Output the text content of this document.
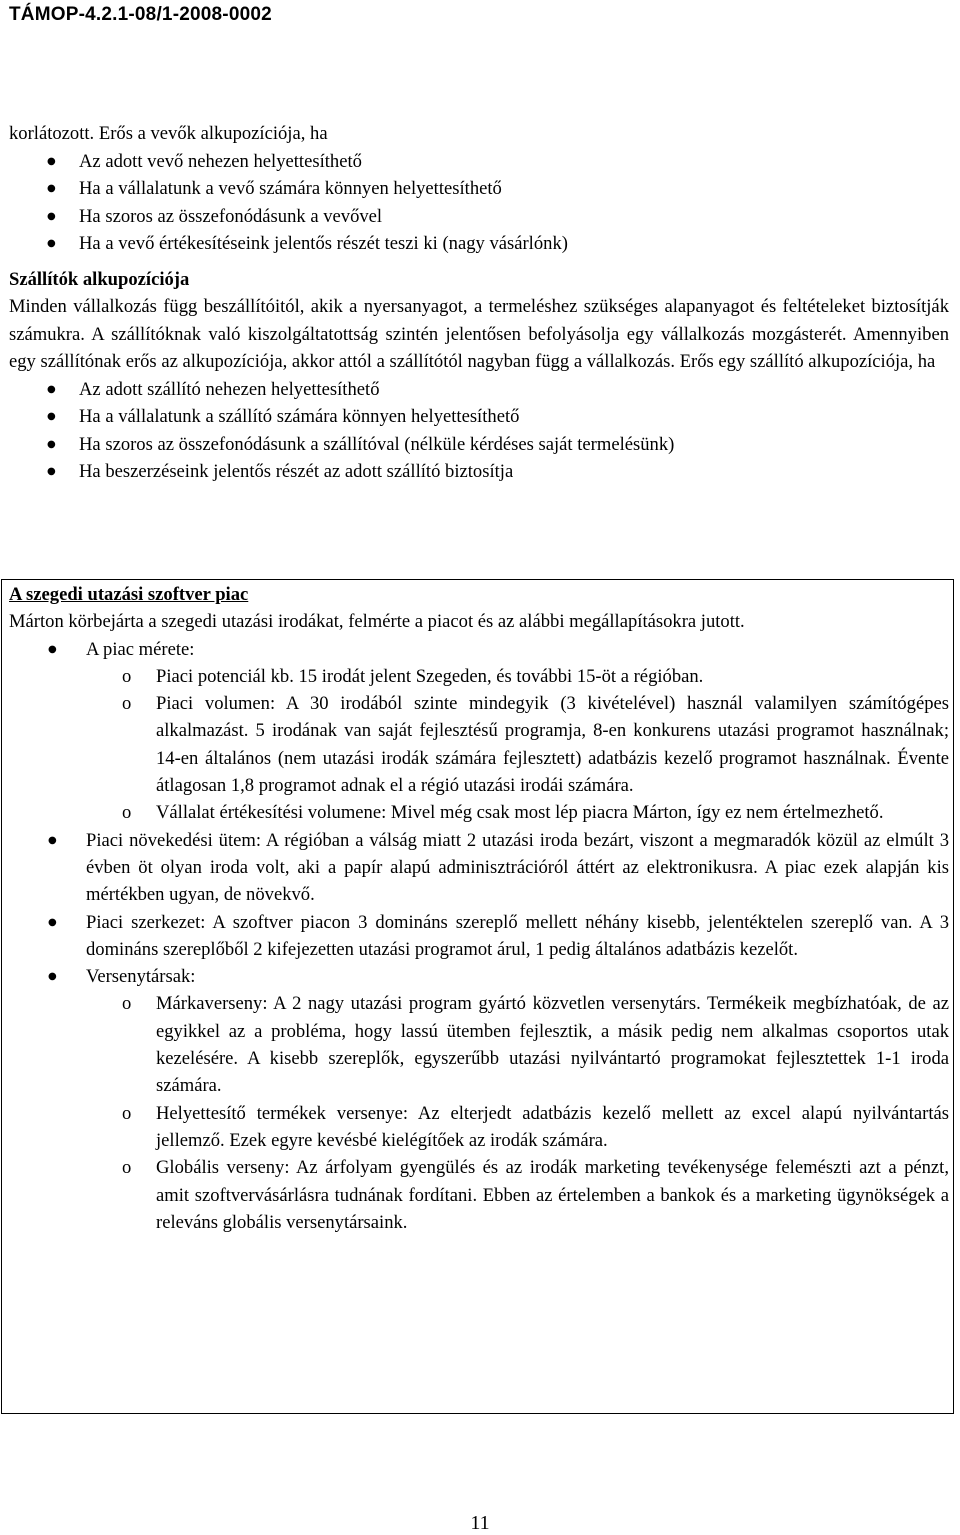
TÁMOP-4.2.1-08/1-2008-0002

korlátozott. Erős a vevők alkupozíciója, ha

● Az adott vevő nehezen helyettesíthető
● Ha a vállalatunk a vevő számára könnyen helyettesíthető
● Ha szoros az összefonódásunk a vevővel
● Ha a vevő értékesítéseink jelentős részét teszi ki (nagy vásárlónk)

Szállítók alkupozíciója

Minden vállalkozás függ beszállítóitól, akik a nyersanyagot, a termeléshez szükséges alapanyagot és feltételeket biztosítják számukra. A szállítóknak való kiszolgáltatottság szintén jelentősen befolyásolja egy vállalkozás mozgásterét. Amennyiben egy szállítónak erős az alkupozíciója, akkor attól a szállítótól nagyban függ a vállalkozás. Erős egy szállító alkupozíciója, ha

● Az adott szállító nehezen helyettesíthető
● Ha a vállalatunk a szállító számára könnyen helyettesíthető
● Ha szoros az összefonódásunk a szállítóval (nélküle kérdéses saját termelésünk)
● Ha beszerzéseink jelentős részét az adott szállító biztosítja

A szegedi utazási szoftver piac

Márton körbejárta a szegedi utazási irodákat, felmérte a piacot és az alábbi megállapításokra jutott.

● A piac mérete:
o Piaci potenciál kb. 15 irodát jelent Szegeden, és további 15-öt a régióban.
o Piaci volumen: A 30 irodából szinte mindegyik (3 kivételével) használ valamilyen számítógépes alkalmazást. 5 irodának van saját fejlesztésű programja, 8-en konkurens utazási programot használnak; 14-en általános (nem utazási irodák számára fejlesztett) adatbázis kezelő programot használnak. Évente átlagosan 1,8 programot adnak el a régió utazási irodái számára.
o Vállalat értékesítési volumene: Mivel még csak most lép piacra Márton, így ez nem értelmezhető.
● Piaci növekedési ütem: A régióban a válság miatt 2 utazási iroda bezárt, viszont a megmaradók közül az elmúlt 3 évben öt olyan iroda volt, aki a papír alapú adminisztrációról áttért az elektronikusra. A piac ezek alapján kis mértékben ugyan, de növekvő.
● Piaci szerkezet: A szoftver piacon 3 domináns szereplő mellett néhány kisebb, jelentéktelen szereplő van. A 3 domináns szereplőből 2 kifejezetten utazási programot árul, 1 pedig általános adatbázis kezelőt.
● Versenytársak:
o Márkaverseny: A 2 nagy utazási program gyártó közvetlen versenytárs. Termékeik megbízhatóak, de az egyikkel az a probléma, hogy lassú ütemben fejlesztik, a másik pedig nem alkalmas csoportos utak kezelésére. A kisebb szereplők, egyszerűbb utazási nyilvántartó programokat fejlesztettek 1-1 iroda számára.
o Helyettesítő termékek versenye: Az elterjedt adatbázis kezelő mellett az excel alapú nyilvántartás jellemző. Ezek egyre kevésbé kielégítőek az irodák számára.
o Globális verseny: Az árfolyam gyengülés és az irodák marketing tevékenysége felemészti azt a pénzt, amit szoftvervásárlásra tudnának fordítani. Ebben az értelemben a bankok és a marketing ügynökségek a releváns globális versenytársaink.
11
